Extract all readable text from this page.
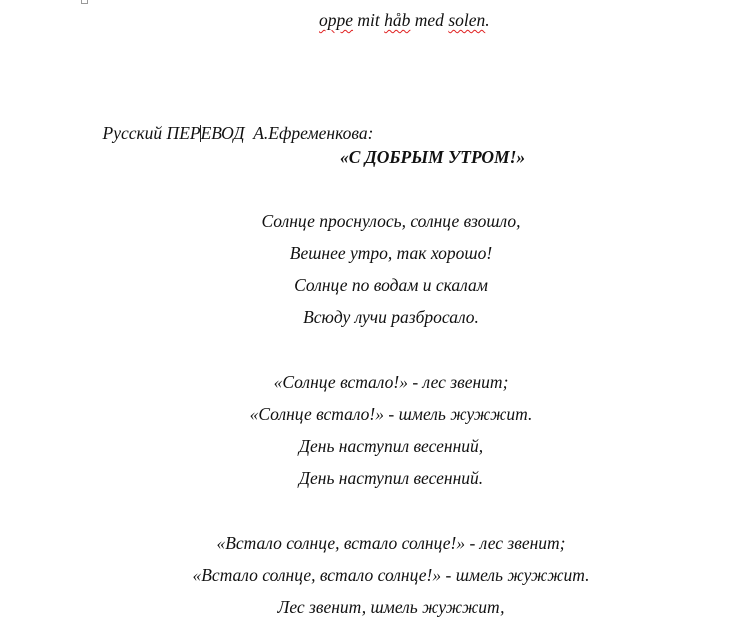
oppe mit håb med solen.

Русский ПЕРЕВОД  А.Ефременкова:

«С ДОБРЫМ УТРОМ!»
Солнце проснулось, солнце взошло,
Вешнее утро, так хорошо!
Солнце по водам и скалам
Всюду лучи разбросало.
«Солнце встало!» - лес звенит;
«Солнце встало!» - шмель жужжит.
День наступил весенний,
День наступил весенний.
«Встало солнце, встало солнце!» - лес звенит;
«Встало солнце, встало солнце!» - шмель жужжит.
Лес звенит, шмель жужжит,
